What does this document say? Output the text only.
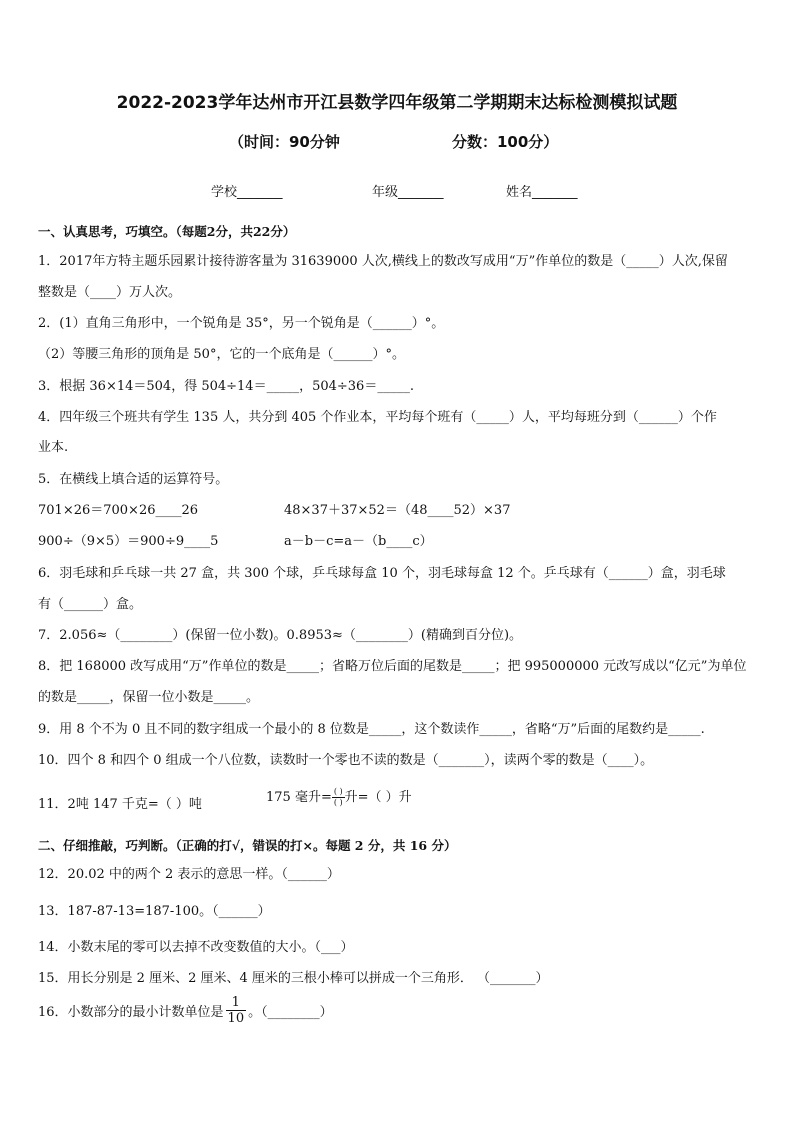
2022-2023学年达州市开江县数学四年级第二学期期末达标检测模拟试题
（时间：90分钟	分数：100分）
学校_______	年级_______	姓名_______
一、认真思考，巧填空。（每题2分，共22分）
1．2017年方特主题乐园累计接待游客量为 31639000 人次,横线上的数改写成用“万”作单位的数是（_____）人次,保留
整数是（____）万人次。
2．(1）直角三角形中，一个锐角是 35°，另一个锐角是（______）°。
（2）等腰三角形的顶角是 50°，它的一个底角是（______）°。
3．根据 36×14＝504，得 504÷14＝_____，504÷36＝_____.
4．四年级三个班共有学生 135 人，共分到 405 个作业本，平均每个班有（_____）人，平均每班分到（______）个作
业本.
5．在横线上填合适的运算符号。
701×26＝700×26____26	48×37＋37×52＝（48____52）×37
900÷（9×5）＝900÷9____5	a－b－c=a－（b____c）
6．羽毛球和乒乓球一共 27 盒，共 300 个球，乒乓球每盒 10 个，羽毛球每盒 12 个。乒乓球有（______）盒，羽毛球
有（______）盒。
7．2.056≈（________）(保留一位小数)。0.8953≈（________）(精确到百分位)。
8．把 168000 改写成用“万”作单位的数是_____；省略万位后面的尾数是_____；把 995000000 元改写成以“亿元”为单位
的数是_____，保留一位小数是_____。
9．用 8 个不为 0 且不同的数字组成一个最小的 8 位数是_____，这个数读作_____，省略“万”后面的尾数约是_____.
10．四个 8 和四个 0 组成一个八位数，读数时一个零也不读的数是（_______），读两个零的数是（____）。
11．2吨 147 千克=（ ）吨	175 毫升= $\frac{( )}{( )}$ 升=（ ）升
二、仔细推敲，巧判断。（正确的打√，错误的打×。每题 2 分，共 16 分）
12．20.02 中的两个 2 表示的意思一样。（______）
13．187-87-13=187-100。（______）
14．小数末尾的零可以去掉不改变数值的大小。（___）
15．用长分别是 2 厘米、2 厘米、4 厘米的三根小棒可以拼成一个三角形． （_______）
16．小数部分的最小计数单位是 $\frac{1}{10}$ 。（________）
